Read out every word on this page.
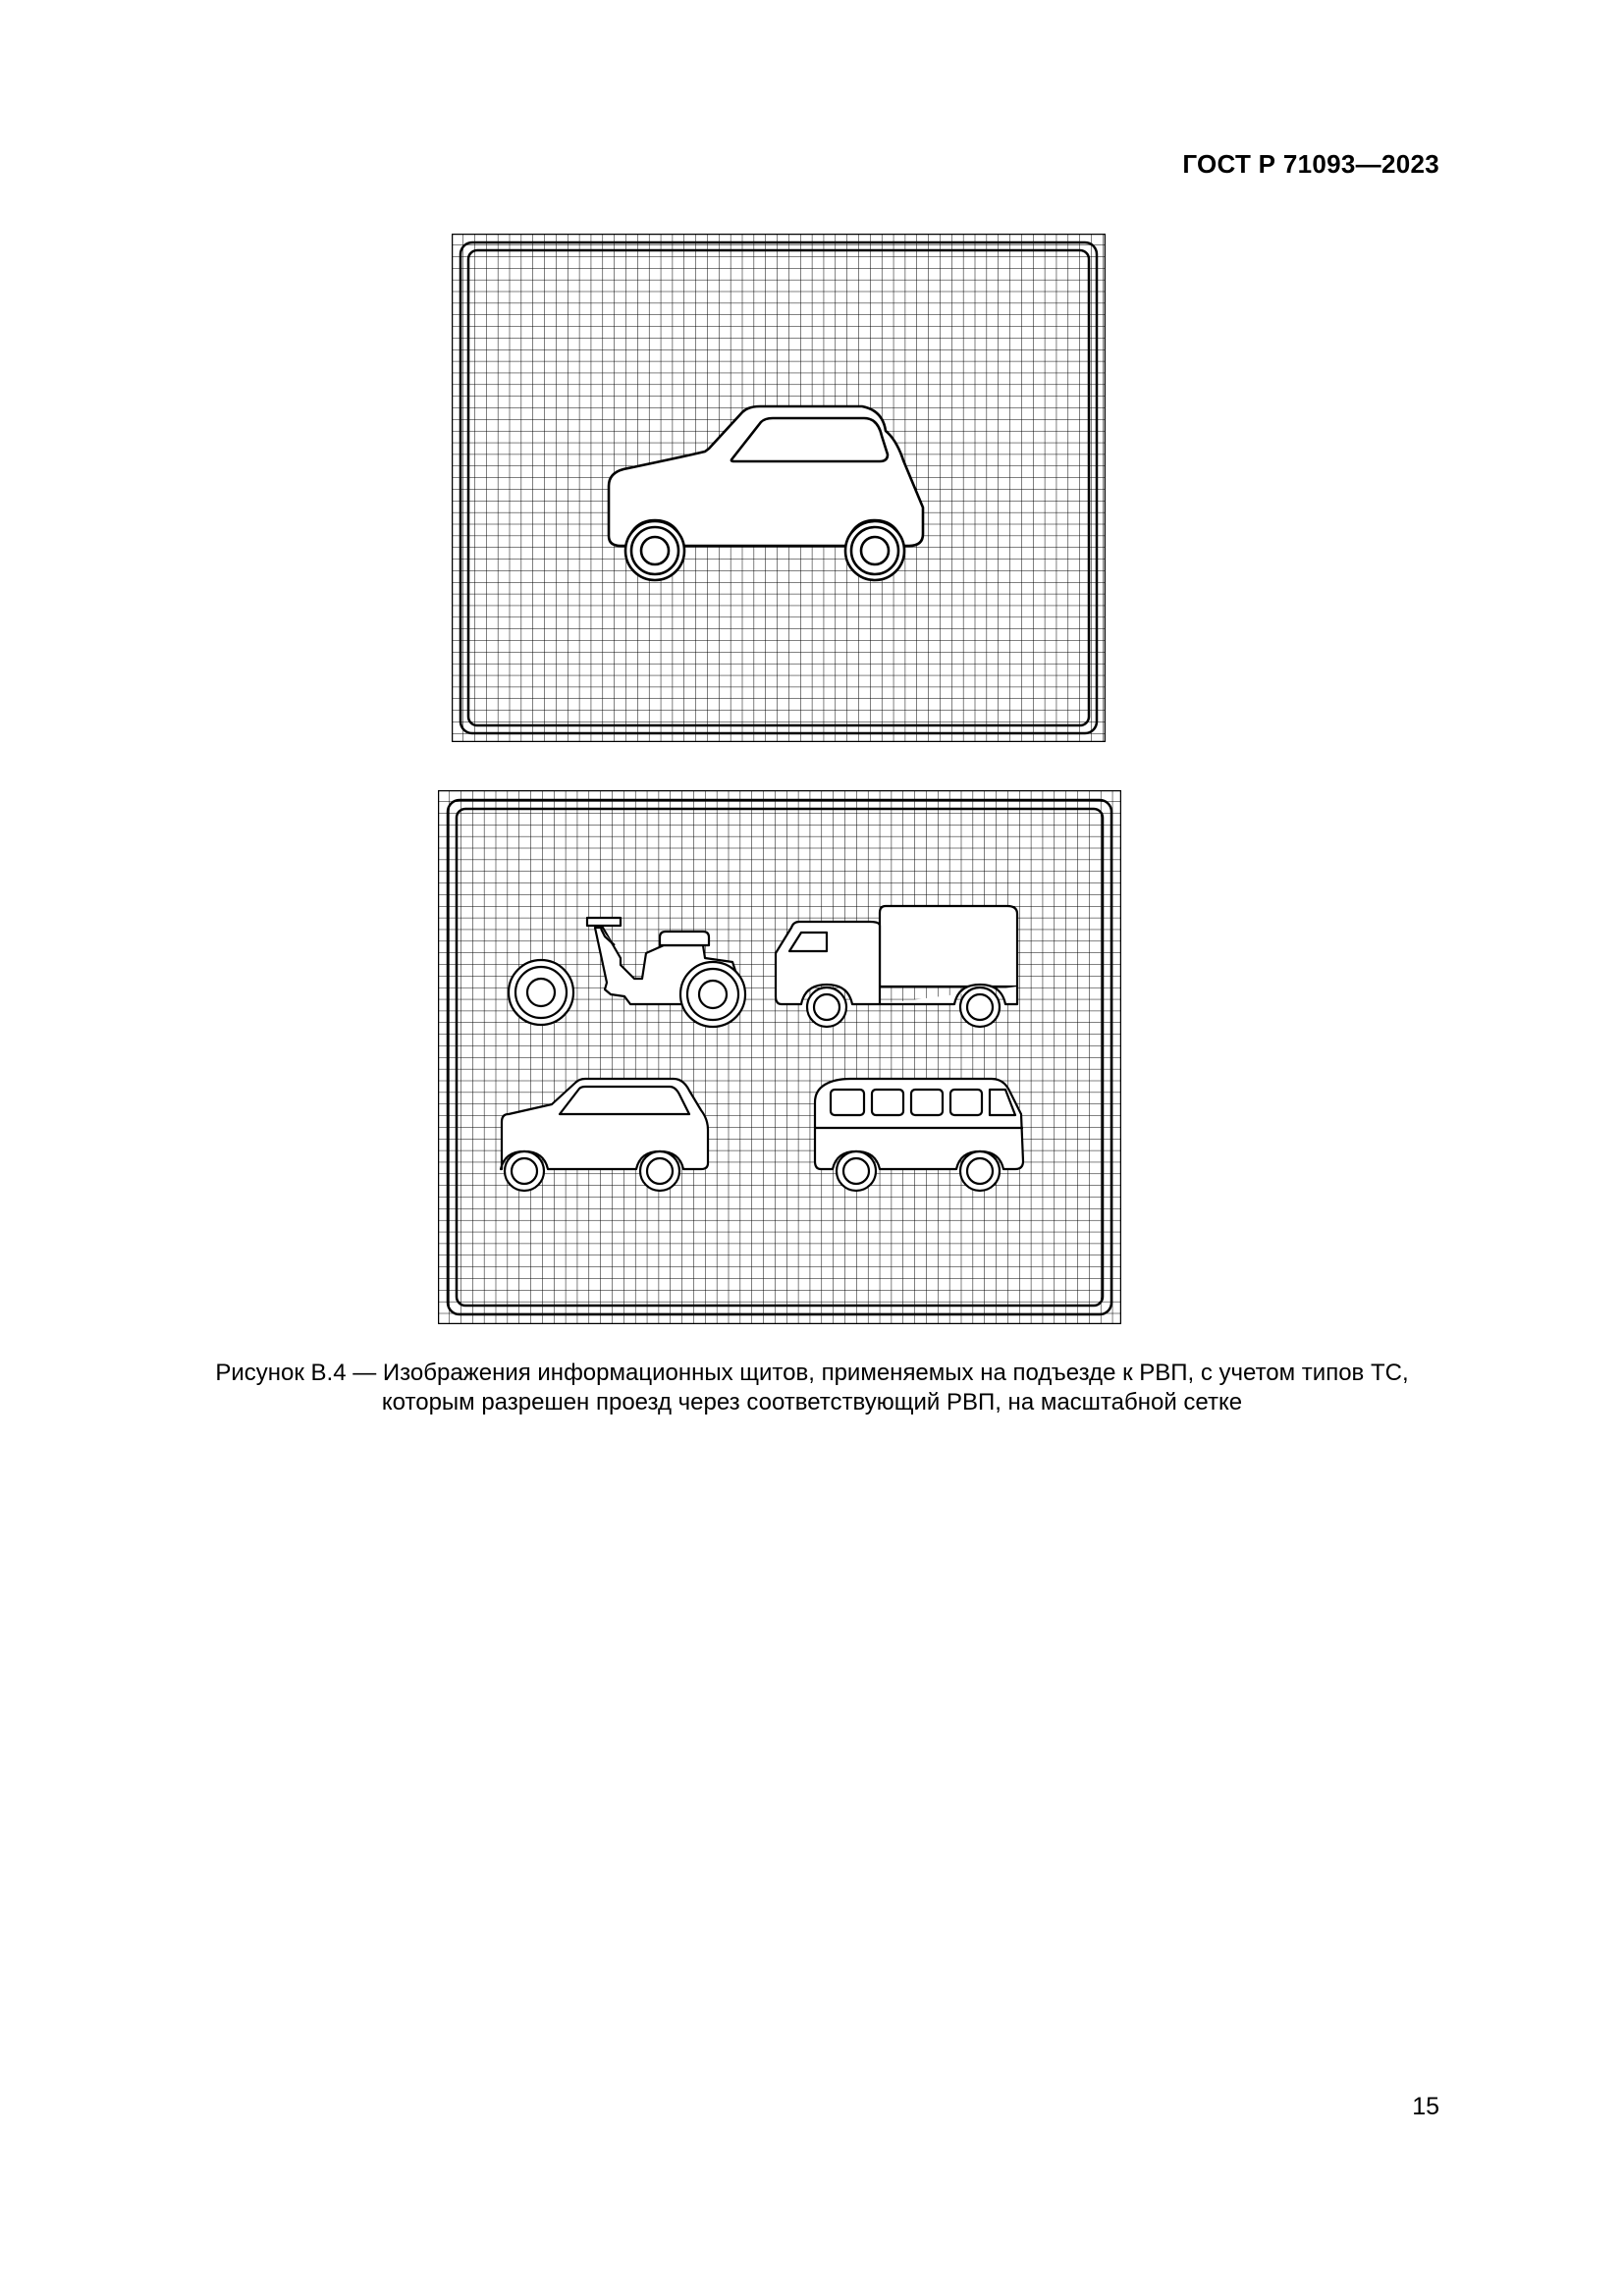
ГОСТ Р 71093—2023
Рисунок В.4 — Изображения информационных щитов, применяемых на подъезде к РВП, с учетом типов ТС,
которым разрешен проезд через соответствующий РВП, на масштабной сетке
15
